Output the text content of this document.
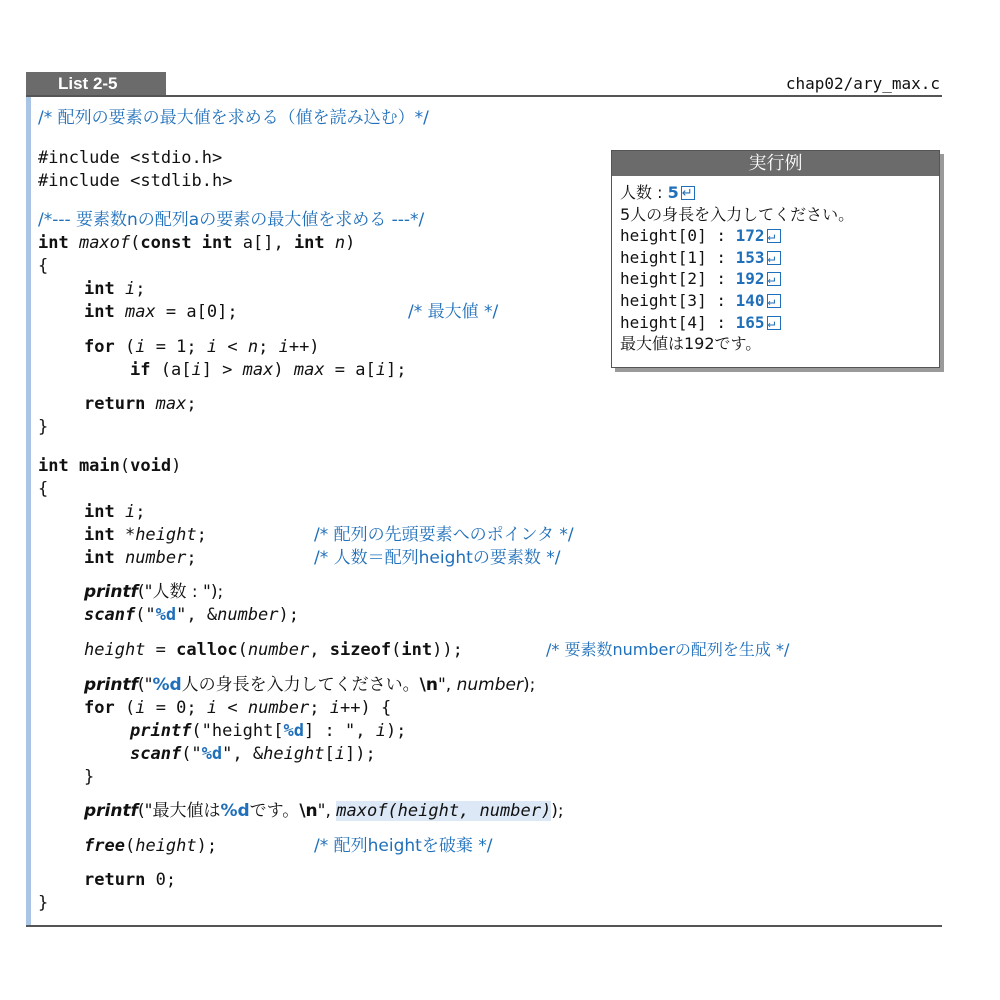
List 2-5	chap02/ary_max.c
/* 配列の要素の最大値を求める（値を読み込む）*/
#include <stdio.h>
#include <stdlib.h>
/*--- 要素数nの配列aの要素の最大値を求める ---*/
int maxof(const int a[], int n)
{
int i;
int max = a[0];	/* 最大値 */
for (i = 1; i < n; i++)
if (a[i] > max) max = a[i];
return max;
}
int main(void)
{
int i;
int *height;	/* 配列の先頭要素へのポインタ */
int number;	/* 人数＝配列heightの要素数 */
printf("人数 : ");
scanf("%d", &number);
height = calloc(number, sizeof(int));	/* 要素数numberの配列を生成 */
printf("%d人の身長を入力してください。\n", number);
for (i = 0; i < number; i++) {
printf("height[%d] : ", i);
scanf("%d", &height[i]);
}
printf("最大値は%dです。\n", maxof(height, number));
free(height);	/* 配列heightを破棄 */
return 0;
}
実行例
人数 : 5 ↵
5人の身長を入力してください。
height[0] : 172 ↵
height[1] : 153 ↵
height[2] : 192 ↵
height[3] : 140 ↵
height[4] : 165 ↵
最大値は192です。
